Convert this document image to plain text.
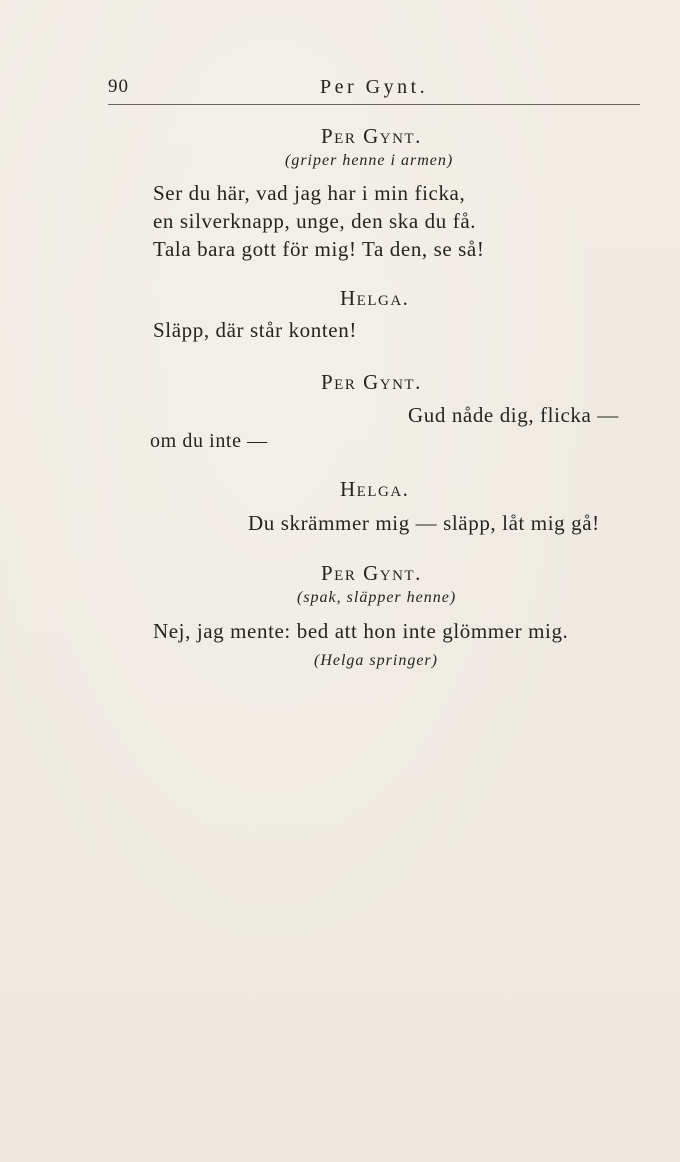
90	Per Gynt.
Per Gynt.
(griper henne i armen)
Ser du här, vad jag har i min ficka,
en silverknapp, unge, den ska du få.
Tala bara gott för mig! Ta den, se så!
Helga.
Släpp, där står konten!
Per Gynt.
Gud nåde dig, flicka —
om du inte —
Helga.
Du skrämmer mig — släpp, låt mig gå!
Per Gynt.
(spak, släpper henne)
Nej, jag mente: bed att hon inte glömmer mig.
(Helga springer)
